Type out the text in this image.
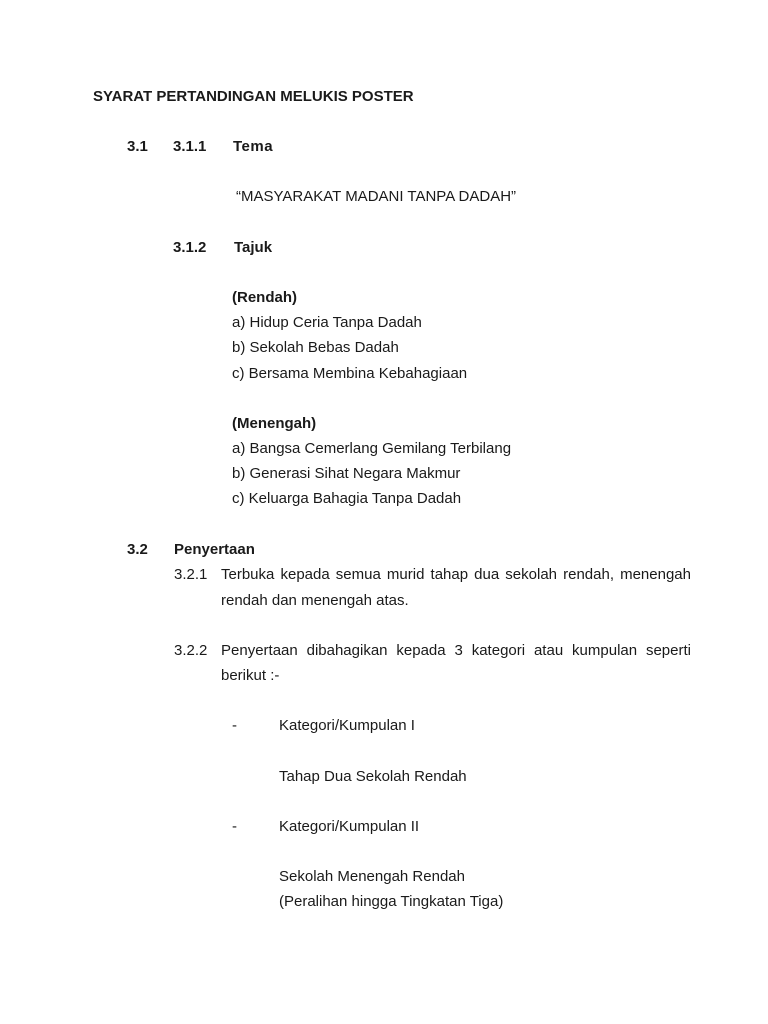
SYARAT PERTANDINGAN MELUKIS POSTER
3.1 3.1.1 Tema
“MASYARAKAT MADANI TANPA DADAH”
3.1.2 Tajuk
(Rendah)
a) Hidup Ceria Tanpa Dadah
b) Sekolah Bebas Dadah
c) Bersama Membina Kebahagiaan
(Menengah)
a) Bangsa Cemerlang Gemilang Terbilang
b) Generasi Sihat Negara Makmur
c) Keluarga Bahagia Tanpa Dadah
3.2 Penyertaan
3.2.1 Terbuka kepada semua murid tahap dua sekolah rendah, menengah
rendah dan menengah atas.
3.2.2 Penyertaan dibahagikan kepada 3 kategori atau kumpulan seperti
berikut :-
-	Kategori/Kumpulan I
Tahap Dua Sekolah Rendah
-	Kategori/Kumpulan II
Sekolah Menengah Rendah
(Peralihan hingga Tingkatan Tiga)
